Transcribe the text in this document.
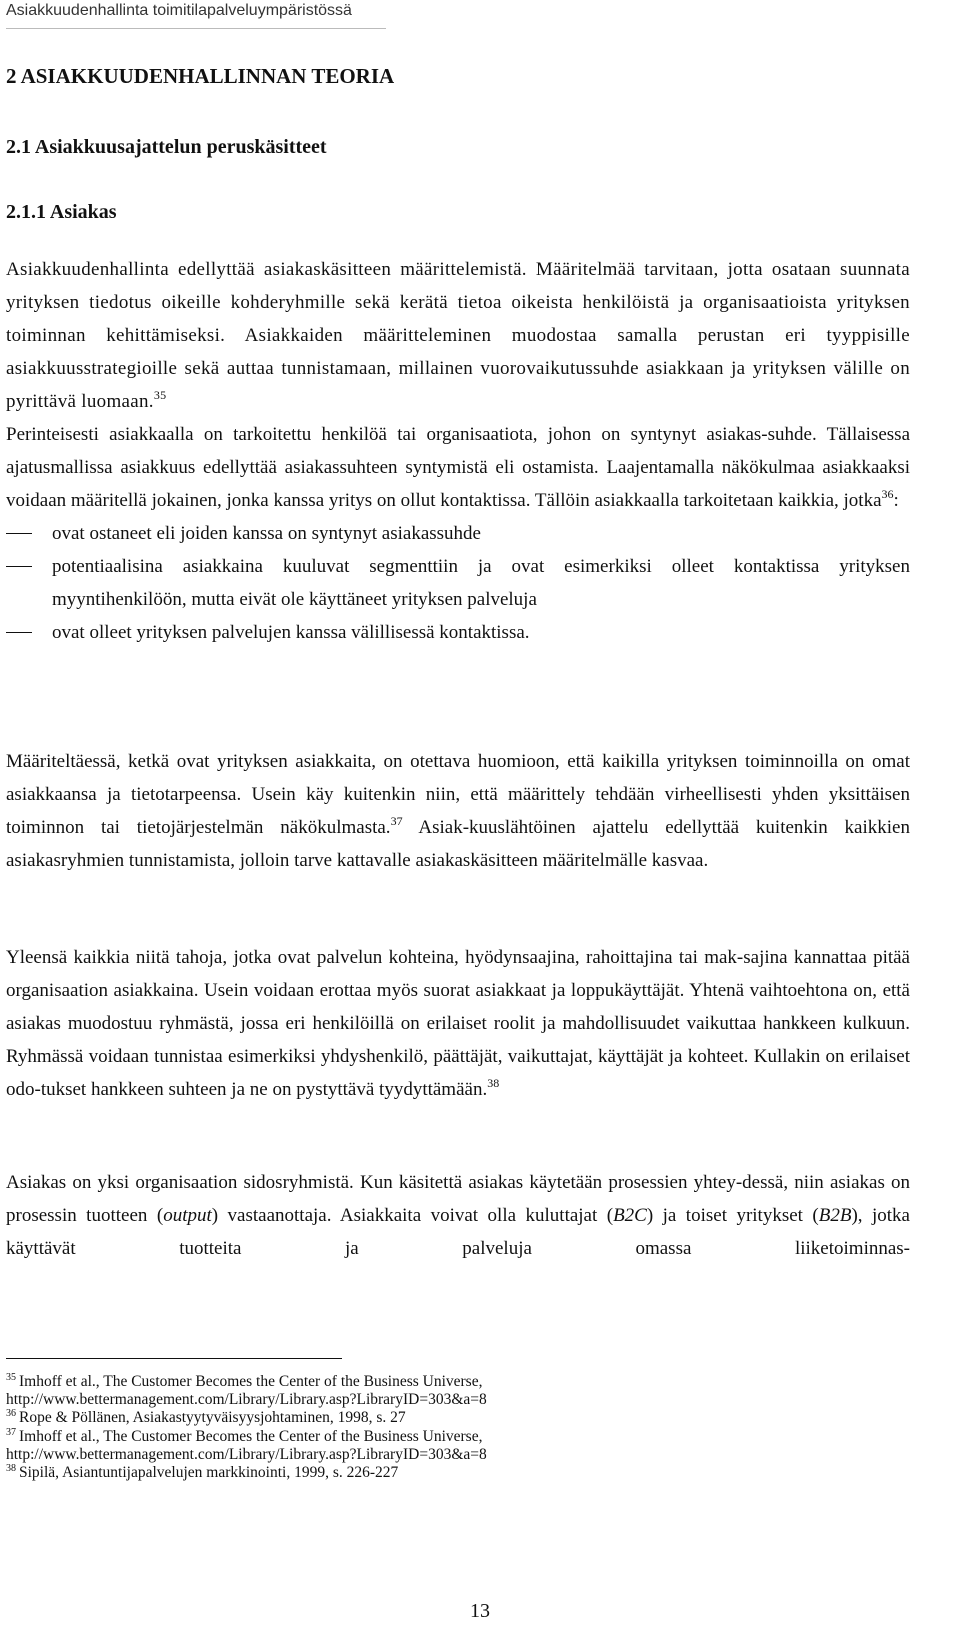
Asiakkuudenhallinta toimitilapalveluympäristössä
2 ASIAKKUUDENHALLINNAN TEORIA
2.1 Asiakkuusajattelun peruskäsitteet
2.1.1 Asiakas

Asiakkuudenhallinta edellyttää asiakaskäsitteen määrittelemistä. Määritelmää tarvitaan, jotta osataan suunnata yrityksen tiedotus oikeille kohderyhmille sekä kerätä tietoa oikeista henkilöistä ja organisaatioista yrityksen toiminnan kehittämiseksi. Asiakkaiden määritteleminen muodostaa samalla perustan eri tyyppisille asiakkuusstrategioille sekä auttaa tunnistamaan, millainen vuorovaikutussuhde asiakkaan ja yrityksen välille on pyrittävä luomaan.$^{35}$

Perinteisesti asiakkaalla on tarkoitettu henkilöä tai organisaatiota, johon on syntynyt asiakas-suhde. Tällaisessa ajatusmallissa asiakkuus edellyttää asiakassuhteen syntymistä eli ostamista. Laajentamalla näkökulmaa asiakkaaksi voidaan määritellä jokainen, jonka kanssa yritys on ollut kontaktissa. Tällöin asiakkaalla tarkoitetaan kaikkia, jotka$^{36}$:

ovat ostaneet eli joiden kanssa on syntynyt asiakassuhde
potentiaalisina asiakkaina kuuluvat segmenttiin ja ovat esimerkiksi olleet kontaktissa yrityksen myyntihenkilöön, mutta eivät ole käyttäneet yrityksen palveluja
ovat olleet yrityksen palvelujen kanssa välillisessä kontaktissa.
Määriteltäessä, ketkä ovat yrityksen asiakkaita, on otettava huomioon, että kaikilla yrityksen toiminnoilla on omat asiakkaansa ja tietotarpeensa. Usein käy kuitenkin niin, että määrittely tehdään virheellisesti yhden yksittäisen toiminnon tai tietojärjestelmän näkökulmasta.$^{37}$ Asiak-kuuslähtöinen ajattelu edellyttää kuitenkin kaikkien asiakasryhmien tunnistamista, jolloin tarve kattavalle asiakaskäsitteen määritelmälle kasvaa.
Yleensä kaikkia niitä tahoja, jotka ovat palvelun kohteina, hyödynsaajina, rahoittajina tai mak-sajina kannattaa pitää organisaation asiakkaina. Usein voidaan erottaa myös suorat asiakkaat ja loppukäyttäjät. Yhtenä vaihtoehtona on, että asiakas muodostuu ryhmästä, jossa eri henkilöillä on erilaiset roolit ja mahdollisuudet vaikuttaa hankkeen kulkuun. Ryhmässä voidaan tunnistaa esimerkiksi yhdyshenkilö, päättäjät, vaikuttajat, käyttäjät ja kohteet. Kullakin on erilaiset odo-tukset hankkeen suhteen ja ne on pystyttävä tyydyttämään.$^{38}$
Asiakas on yksi organisaation sidosryhmistä. Kun käsitettä asiakas käytetään prosessien yhtey-dessä, niin asiakas on prosessin tuotteen (output) vastaanottaja. Asiakkaita voivat olla kuluttajat (B2C) ja toiset yritykset (B2B), jotka käyttävät tuotteita ja palveluja omassa liiketoiminnas-
$^{35}$ Imhoff et al., The Customer Becomes the Center of the Business Universe,
http://www.bettermanagement.com/Library/Library.asp?LibraryID=303&a=8
$^{36}$ Rope & Pöllänen, Asiakastyytyväisyysjohtaminen, 1998, s. 27
$^{37}$ Imhoff et al., The Customer Becomes the Center of the Business Universe,
http://www.bettermanagement.com/Library/Library.asp?LibraryID=303&a=8
$^{38}$ Sipilä, Asiantuntijapalvelujen markkinointi, 1999, s. 226-227
13
